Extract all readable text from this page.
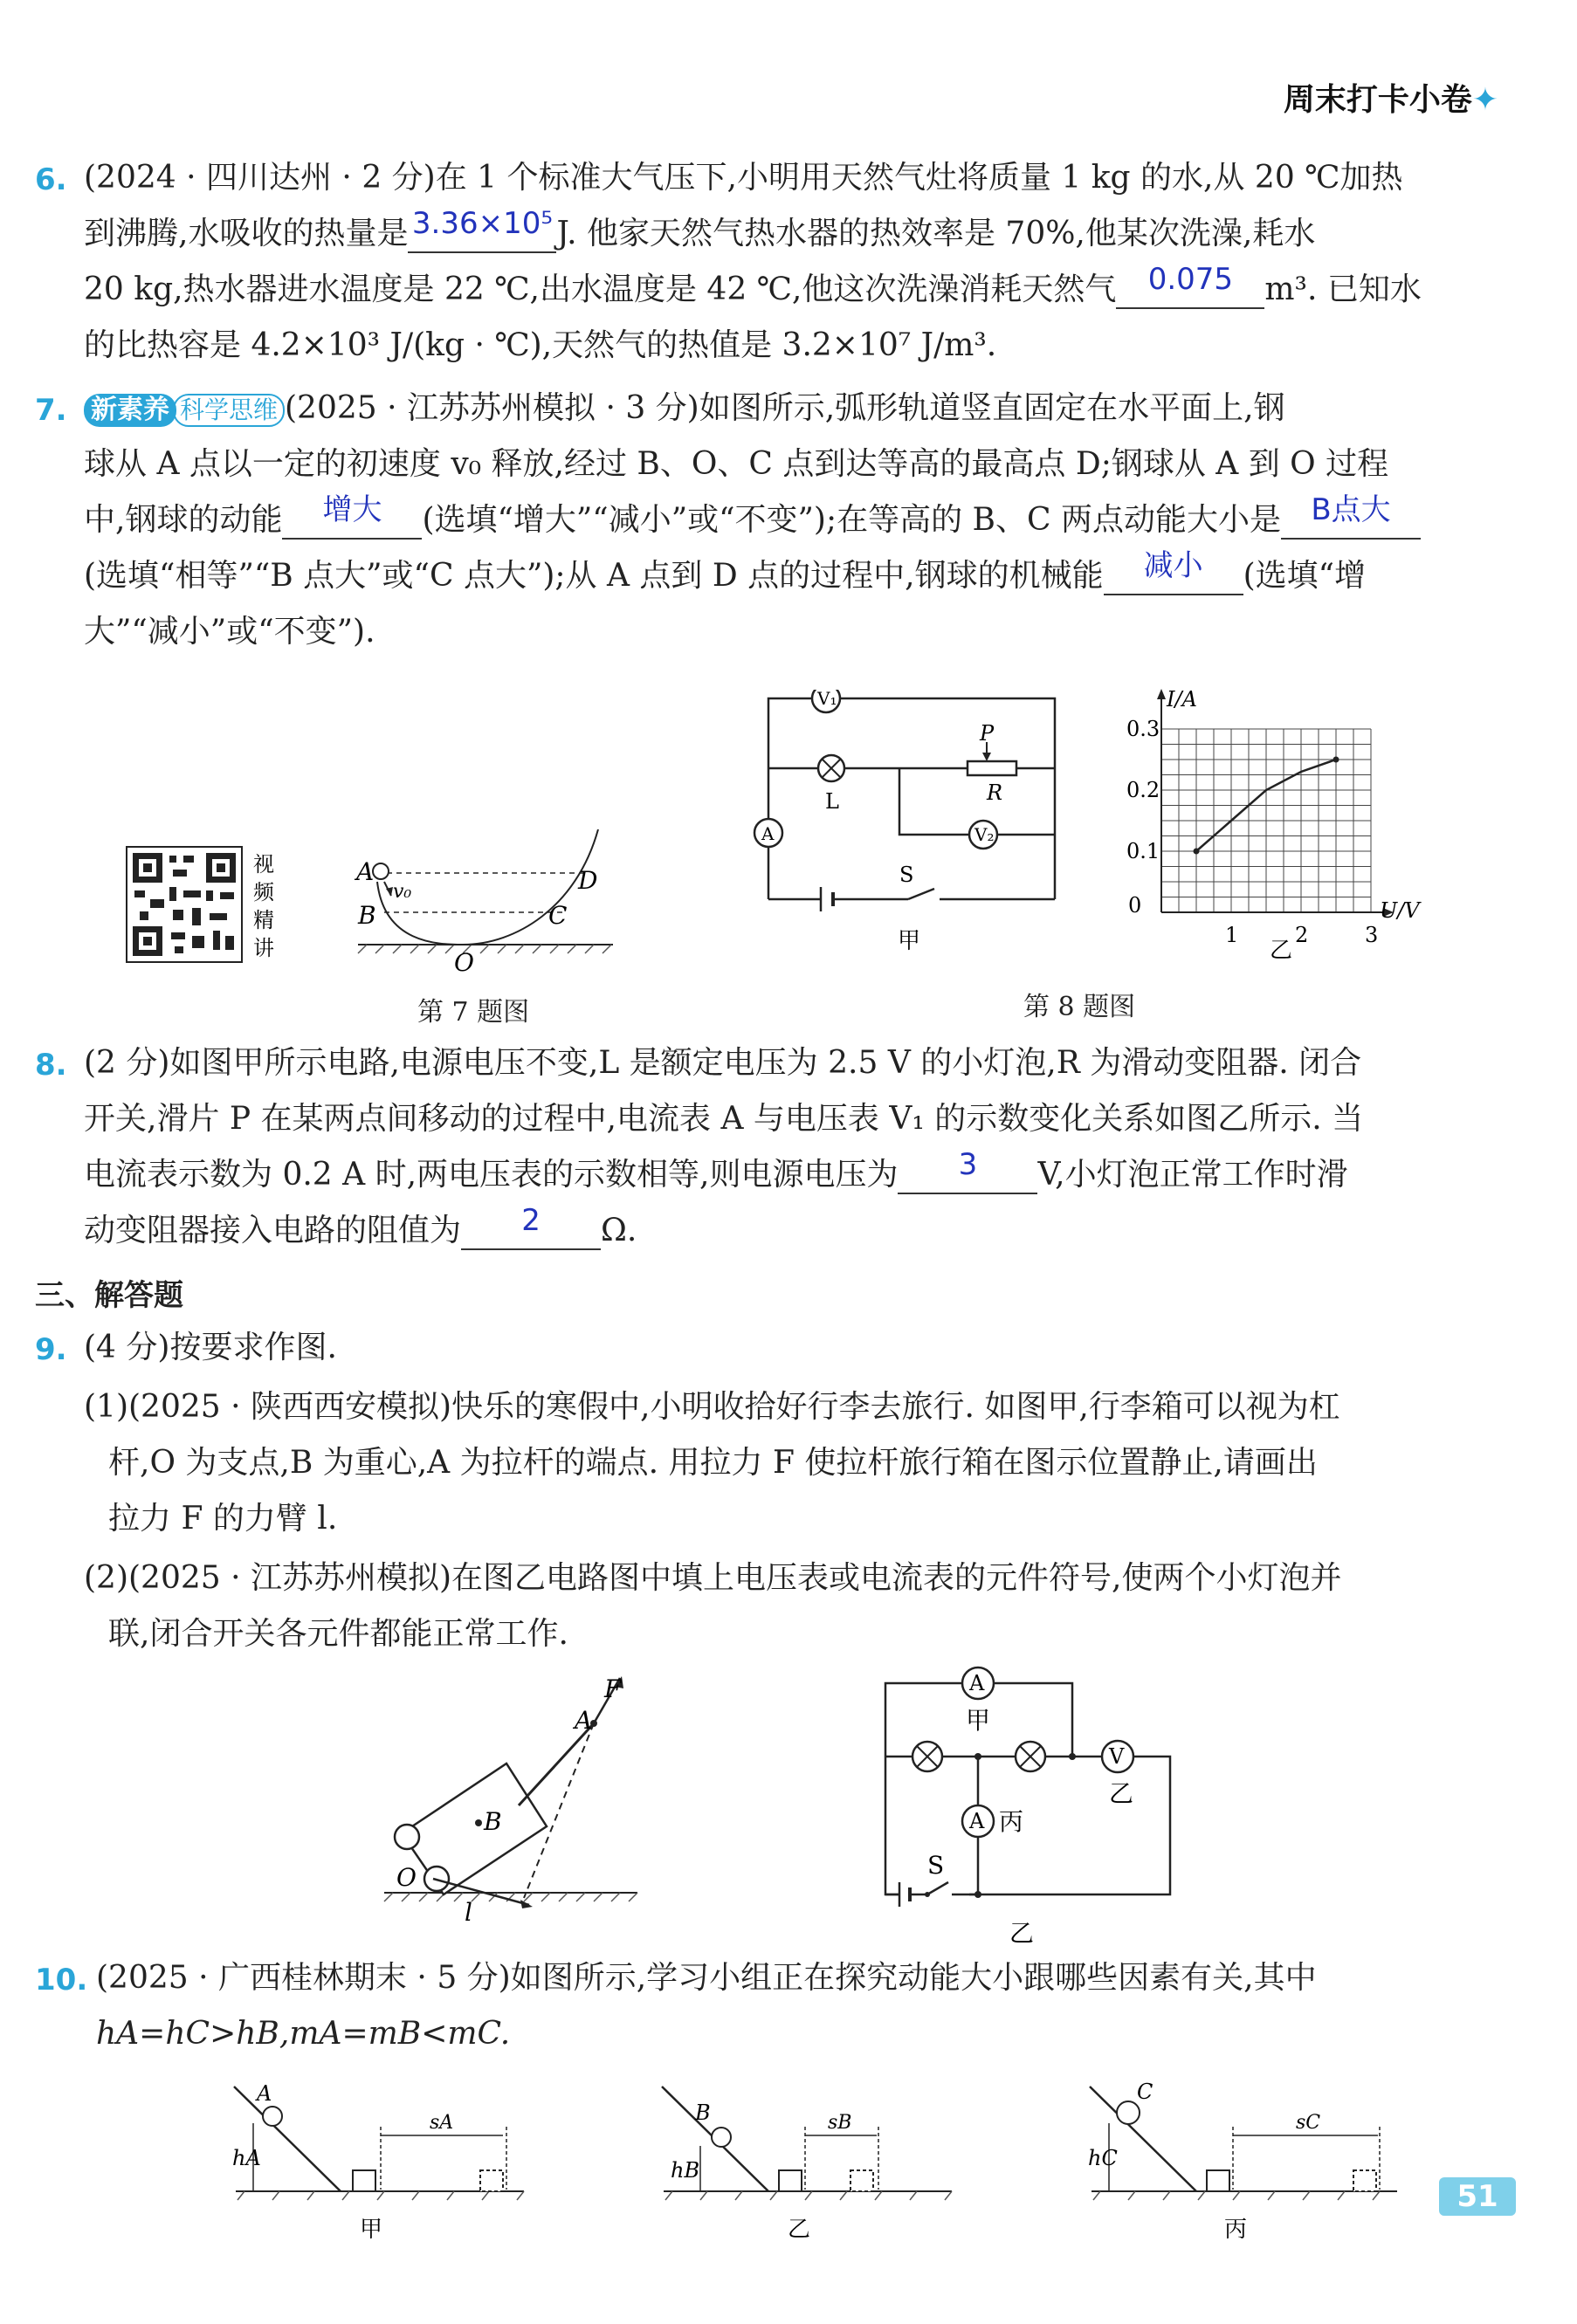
周末打卡小卷✦
6. (2024 · 四川达州 · 2 分)在 1 个标准大气压下,小明用天然气灶将质量 1 kg 的水,从 20 ℃加热
到沸腾,水吸收的热量是 3.36×10⁵ J. 他家天然气热水器的热效率是 70%,他某次洗澡,耗水
20 kg,热水器进水温度是 22 ℃,出水温度是 42 ℃,他这次洗澡消耗天然气	0.075	m³. 已知水
的比热容是 4.2×10³ J/(kg · ℃),天然气的热值是 3.2×10⁷ J/m³.
7. 新素养 科学思维 (2025 · 江苏苏州模拟 · 3 分)如图所示,弧形轨道竖直固定在水平面上,钢
球从 A 点以一定的初速度 v₀ 释放,经过 B、O、C 点到达等高的最高点 D;钢球从 A 到 O 过程
中,钢球的动能	增大	(选填“增大”“减小”或“不变”);在等高的 B、C 两点动能大小是	B点大
(选填“相等”“B 点大”或“C 点大”);从 A 点到 D 点的过程中,钢球的机械能	减小	(选填“增
大”“减小”或“不变”).
视
频
精
讲
A
v₀
B
O
C
D
第 7 题图
V₁
L
P
R
A	V₂
S
甲
I/A
U/V
0
1	2	3
0.1
0.2
0.3
乙
第 8 题图
8. (2 分)如图甲所示电路,电源电压不变,L 是额定电压为 2.5 V 的小灯泡,R 为滑动变阻器. 闭合
开关,滑片 P 在某两点间移动的过程中,电流表 A 与电压表 V₁ 的示数变化关系如图乙所示. 当
电流表示数为 0.2 A 时,两电压表的示数相等,则电源电压为	3	V,小灯泡正常工作时滑
动变阻器接入电路的阻值为	2	Ω.
三、解答题
9. (4 分)按要求作图.
(1)(2025 · 陕西西安模拟)快乐的寒假中,小明收拾好行李去旅行. 如图甲,行李箱可以视为杠
杆,O 为支点,B 为重心,A 为拉杆的端点. 用拉力 F 使拉杆旅行箱在图示位置静止,请画出
拉力 F 的力臂 l.
(2)(2025 · 江苏苏州模拟)在图乙电路图中填上电压表或电流表的元件符号,使两个小灯泡并
联,闭合开关各元件都能正常工作.
F
A
B
O
l
A
甲
V
乙
A 丙
S
乙
10. (2025 · 广西桂林期末 · 5 分)如图所示,学习小组正在探究动能大小跟哪些因素有关,其中
hA=hC>hB,mA=mB<mC.
A
hA
sA
甲
B
hB
sB
乙
C
hC
sC
丙
51
